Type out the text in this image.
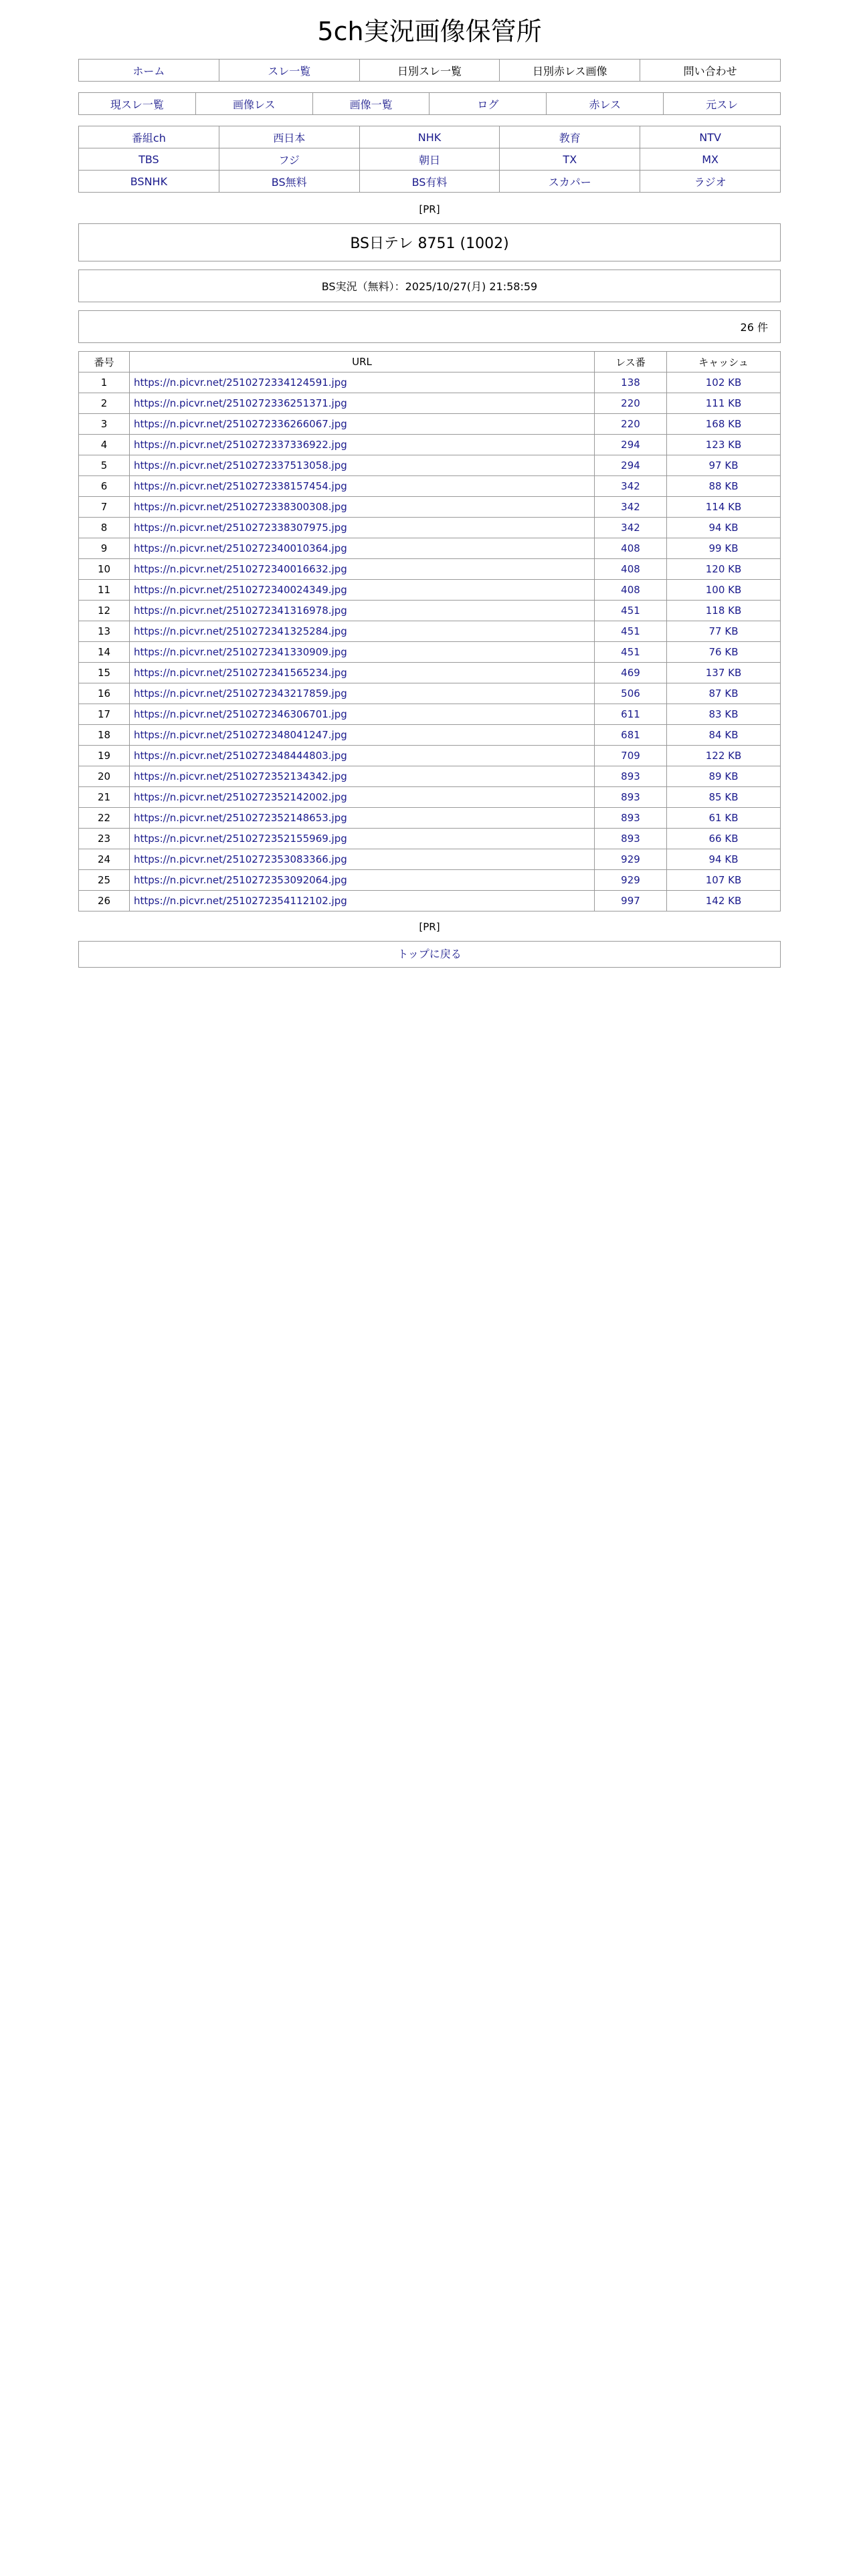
5ch実況画像保管所
ホーム	スレ一覧	日別スレ一覧	日別赤レス画像	問い合わせ
現スレ一覧	画像レス	画像一覧	ログ	赤レス	元スレ
番組ch	西日本	NHK	教育	NTV
TBS	フジ	朝日	TX	MX
BSNHK	BS無料	BS有料	スカパー	ラジオ
[PR]
BS日テレ 8751 (1002)
BS実況（無料）：2025/10/27(月) 21:58:59
26 件
番号	URL	レス番	キャッシュ
1	https://n.picvr.net/2510272334124591.jpg	138	102 KB
2	https://n.picvr.net/2510272336251371.jpg	220	111 KB
3	https://n.picvr.net/2510272336266067.jpg	220	168 KB
4	https://n.picvr.net/2510272337336922.jpg	294	123 KB
5	https://n.picvr.net/2510272337513058.jpg	294	97 KB
6	https://n.picvr.net/2510272338157454.jpg	342	88 KB
7	https://n.picvr.net/2510272338300308.jpg	342	114 KB
8	https://n.picvr.net/2510272338307975.jpg	342	94 KB
9	https://n.picvr.net/2510272340010364.jpg	408	99 KB
10	https://n.picvr.net/2510272340016632.jpg	408	120 KB
11	https://n.picvr.net/2510272340024349.jpg	408	100 KB
12	https://n.picvr.net/2510272341316978.jpg	451	118 KB
13	https://n.picvr.net/2510272341325284.jpg	451	77 KB
14	https://n.picvr.net/2510272341330909.jpg	451	76 KB
15	https://n.picvr.net/2510272341565234.jpg	469	137 KB
16	https://n.picvr.net/2510272343217859.jpg	506	87 KB
17	https://n.picvr.net/2510272346306701.jpg	611	83 KB
18	https://n.picvr.net/2510272348041247.jpg	681	84 KB
19	https://n.picvr.net/2510272348444803.jpg	709	122 KB
20	https://n.picvr.net/2510272352134342.jpg	893	89 KB
21	https://n.picvr.net/2510272352142002.jpg	893	85 KB
22	https://n.picvr.net/2510272352148653.jpg	893	61 KB
23	https://n.picvr.net/2510272352155969.jpg	893	66 KB
24	https://n.picvr.net/2510272353083366.jpg	929	94 KB
25	https://n.picvr.net/2510272353092064.jpg	929	107 KB
26	https://n.picvr.net/2510272354112102.jpg	997	142 KB
[PR]
トップに戻る
